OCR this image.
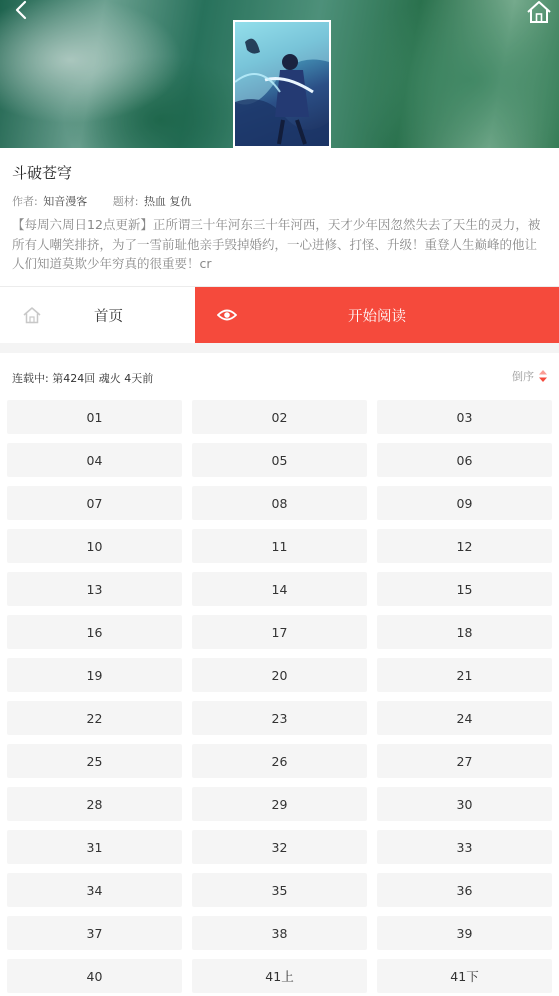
斗破苍穹
作者: 知音漫客 题材: 热血 复仇
【每周六周日12点更新】正所谓三十年河东三十年河西，天才少年因忽然失去了天生的灵力，被所有人嘲笑排挤，为了一雪前耻他亲手毁掉婚约，一心进修、打怪、升级！重登人生巅峰的他让人们知道莫欺少年穷真的很重要！cr
首页	开始阅读
连载中: 第424回 魂火 4天前	倒序
01	02	03
04	05	06
07	08	09
10	11	12
13	14	15
16	17	18
19	20	21
22	23	24
25	26	27
28	29	30
31	32	33
34	35	36
37	38	39
40	41上	41下
